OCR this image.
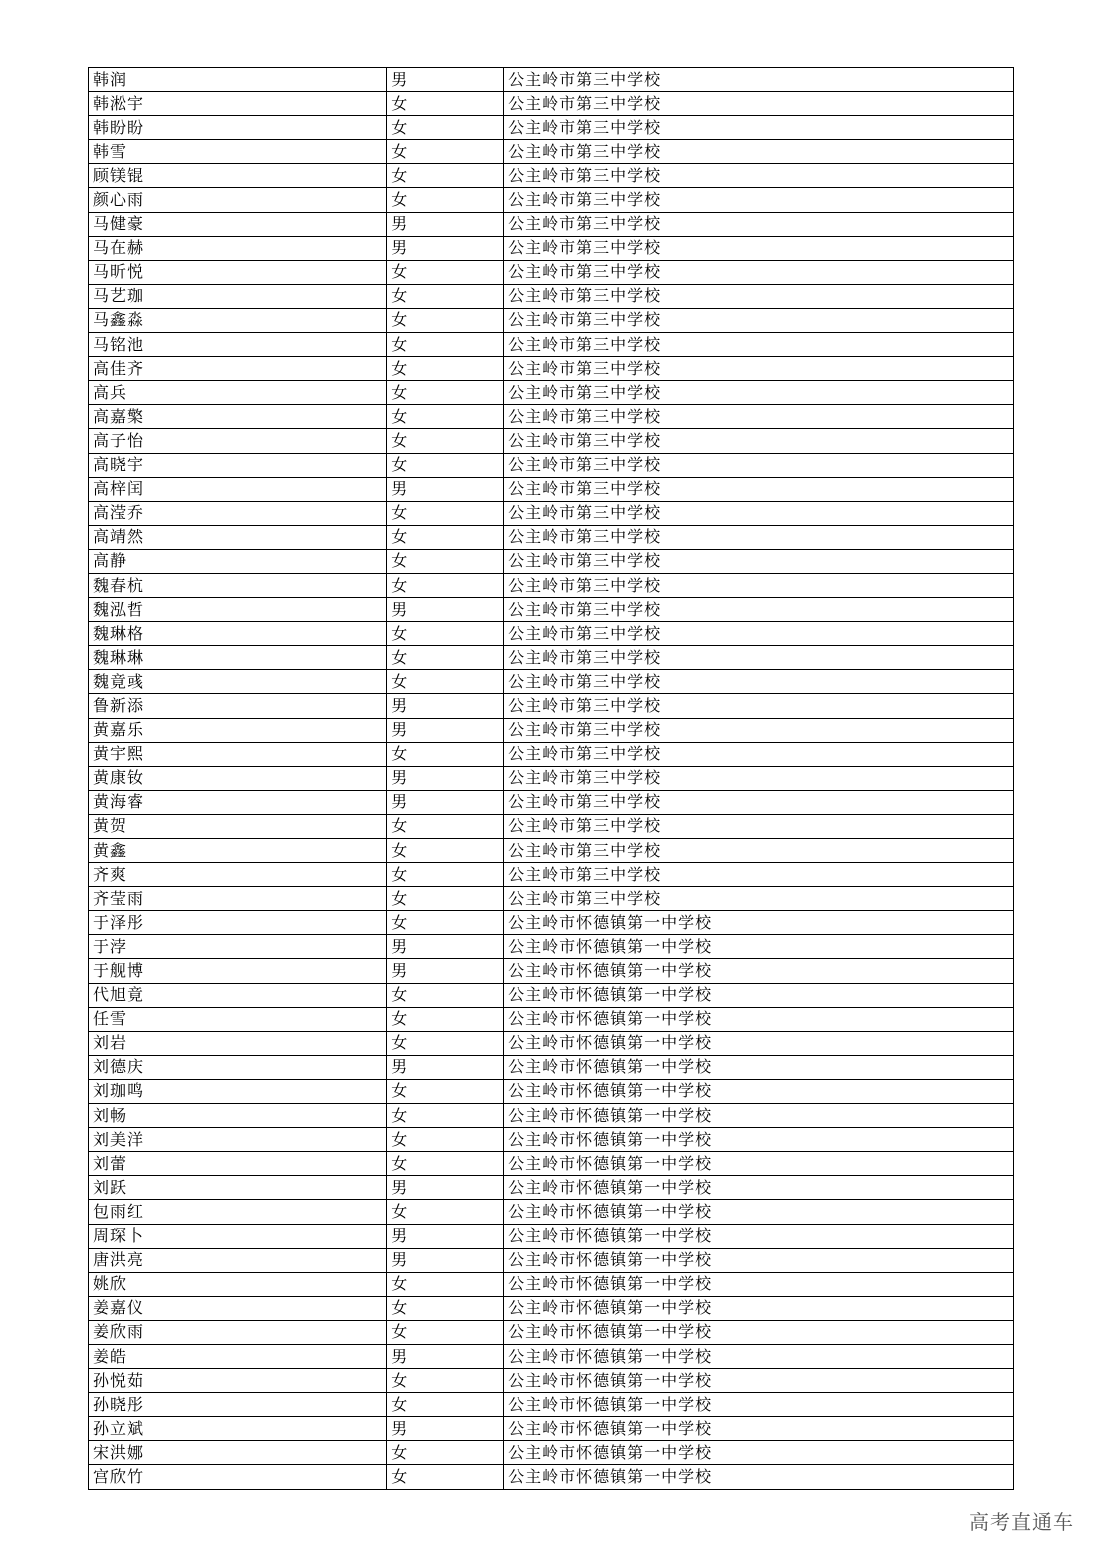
韩润	男	公主岭市第三中学校
韩淞宇	女	公主岭市第三中学校
韩盼盼	女	公主岭市第三中学校
韩雪	女	公主岭市第三中学校
顾镁锟	女	公主岭市第三中学校
颜心雨	女	公主岭市第三中学校
马健豪	男	公主岭市第三中学校
马在赫	男	公主岭市第三中学校
马昕悦	女	公主岭市第三中学校
马艺珈	女	公主岭市第三中学校
马鑫淼	女	公主岭市第三中学校
马铭池	女	公主岭市第三中学校
高佳齐	女	公主岭市第三中学校
高兵	女	公主岭市第三中学校
高嘉檠	女	公主岭市第三中学校
高子怡	女	公主岭市第三中学校
高晓宇	女	公主岭市第三中学校
高梓闰	男	公主岭市第三中学校
高滢乔	女	公主岭市第三中学校
高靖然	女	公主岭市第三中学校
高静	女	公主岭市第三中学校
魏春杭	女	公主岭市第三中学校
魏泓哲	男	公主岭市第三中学校
魏琳格	女	公主岭市第三中学校
魏琳琳	女	公主岭市第三中学校
魏竟彧	女	公主岭市第三中学校
鲁新添	男	公主岭市第三中学校
黄嘉乐	男	公主岭市第三中学校
黄宇熙	女	公主岭市第三中学校
黄康钕	男	公主岭市第三中学校
黄海睿	男	公主岭市第三中学校
黄贺	女	公主岭市第三中学校
黄鑫	女	公主岭市第三中学校
齐爽	女	公主岭市第三中学校
齐莹雨	女	公主岭市第三中学校
于泽彤	女	公主岭市怀德镇第一中学校
于浡	男	公主岭市怀德镇第一中学校
于舰博	男	公主岭市怀德镇第一中学校
代旭竟	女	公主岭市怀德镇第一中学校
任雪	女	公主岭市怀德镇第一中学校
刘岩	女	公主岭市怀德镇第一中学校
刘德庆	男	公主岭市怀德镇第一中学校
刘珈鸣	女	公主岭市怀德镇第一中学校
刘畅	女	公主岭市怀德镇第一中学校
刘美洋	女	公主岭市怀德镇第一中学校
刘蕾	女	公主岭市怀德镇第一中学校
刘跃	男	公主岭市怀德镇第一中学校
包雨红	女	公主岭市怀德镇第一中学校
周琛卜	男	公主岭市怀德镇第一中学校
唐洪亮	男	公主岭市怀德镇第一中学校
姚欣	女	公主岭市怀德镇第一中学校
姜嘉仪	女	公主岭市怀德镇第一中学校
姜欣雨	女	公主岭市怀德镇第一中学校
姜皓	男	公主岭市怀德镇第一中学校
孙悦茹	女	公主岭市怀德镇第一中学校
孙晓彤	女	公主岭市怀德镇第一中学校
孙立斌	男	公主岭市怀德镇第一中学校
宋洪娜	女	公主岭市怀德镇第一中学校
宫欣竹	女	公主岭市怀德镇第一中学校
高考直通车
